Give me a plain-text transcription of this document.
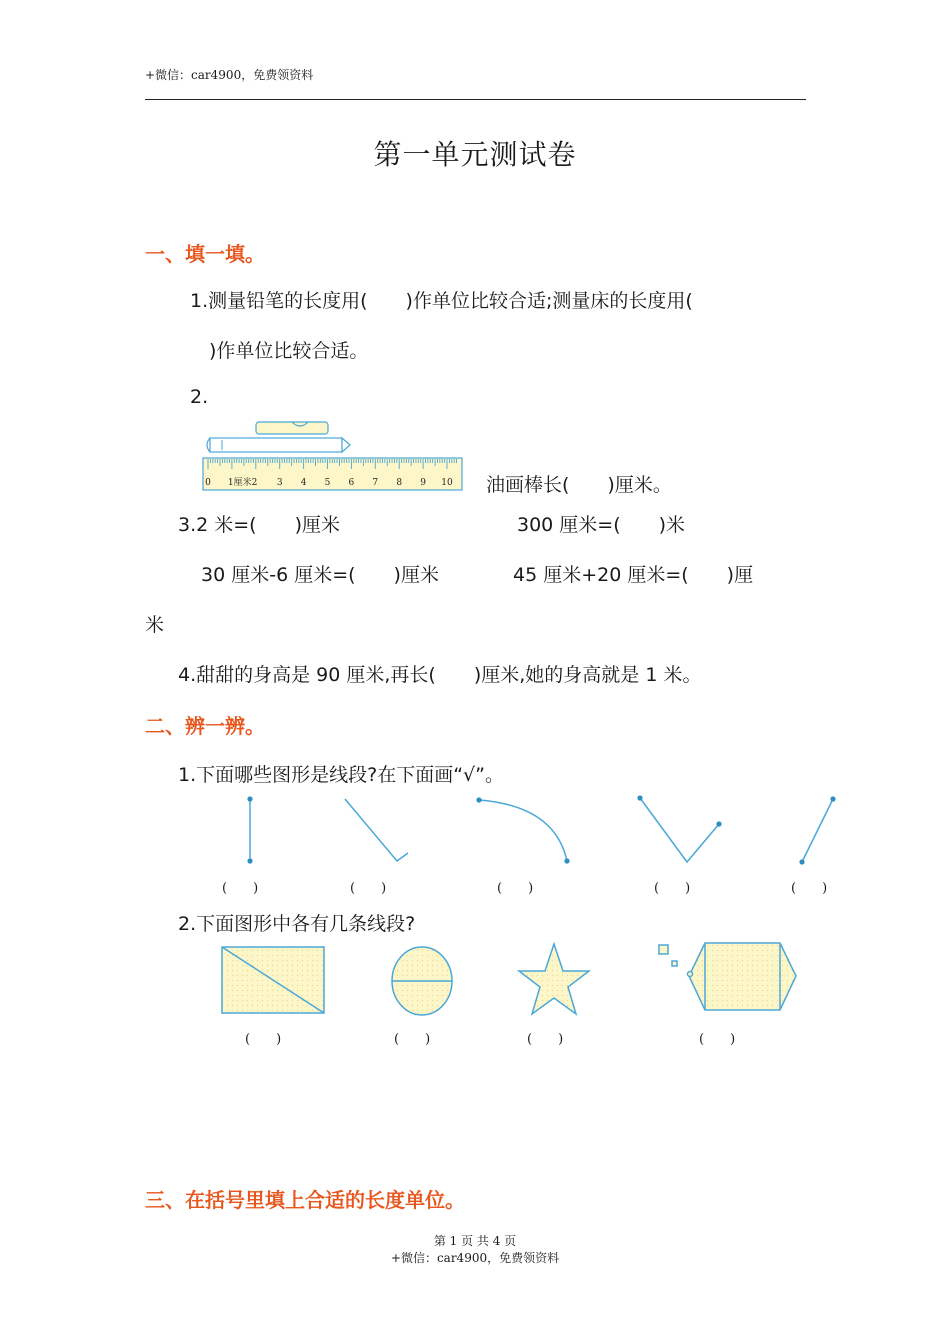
+微信：car4900，免费领资料
第一单元测试卷
一、填一填。
1.测量铅笔的长度用(　　)作单位比较合适;测量床的长度用(
)作单位比较合适。
2.
0 1厘米2 3 4 5 6 7 8 9 10 油画棒长(　　)厘米。
3.2 米=(　　)厘米	300 厘米=(　　)米
30 厘米-6 厘米=(　　)厘米	45 厘米+20 厘米=(　　)厘
米
4.甜甜的身高是 90 厘米,再长(　　)厘米,她的身高就是 1 米。
二、辨一辨。
1.下面哪些图形是线段?在下面画“√”。
(　　)	(　　)	(　　)	(　　)	(　　)
2.下面图形中各有几条线段?
(　　)	(　　)	(　　)	(　　)
三、在括号里填上合适的长度单位。
第 1 页 共 4 页
+微信：car4900，免费领资料
